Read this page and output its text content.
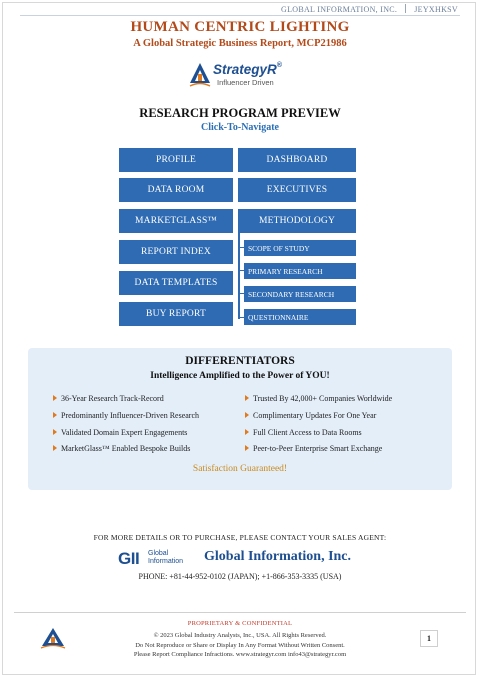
GLOBAL INFORMATION, INC. JEYXHKSV
HUMAN CENTRIC LIGHTING
A Global Strategic Business Report, MCP21986
StrategyR®
Influencer Driven
RESEARCH PROGRAM PREVIEW
Click-To-Navigate
PROFILE
DATA ROOM
MARKETGLASS™
REPORT INDEX
DATA TEMPLATES
BUY REPORT
DASHBOARD
EXECUTIVES
METHODOLOGY
SCOPE OF STUDY
PRIMARY RESEARCH
SECONDARY RESEARCH
QUESTIONNAIRE
DIFFERENTIATORS
Intelligence Amplified to the Power of YOU!
36-Year Research Track-Record
Predominantly Influencer-Driven Research
Validated Domain Expert Engagements
MarketGlass™ Enabled Bespoke Builds
Trusted By 42,000+ Companies Worldwide
Complimentary Updates For One Year
Full Client Access to Data Rooms
Peer-to-Peer Enterprise Smart Exchange
Satisfaction Guaranteed!
FOR MORE DETAILS OR TO PURCHASE, PLEASE CONTACT YOUR SALES AGENT:
GII Global
Information Global Information, Inc.
PHONE: +81-44-952-0102 (JAPAN); +1-866-353-3335 (USA)
PROPRIETARY & CONFIDENTIAL
© 2023 Global Industry Analysts, Inc., USA. All Rights Reserved.
Do Not Reproduce or Share or Display In Any Format Without Written Consent.
Please Report Compliance Infractions. www.strategyr.com info43@strategyr.com
1
